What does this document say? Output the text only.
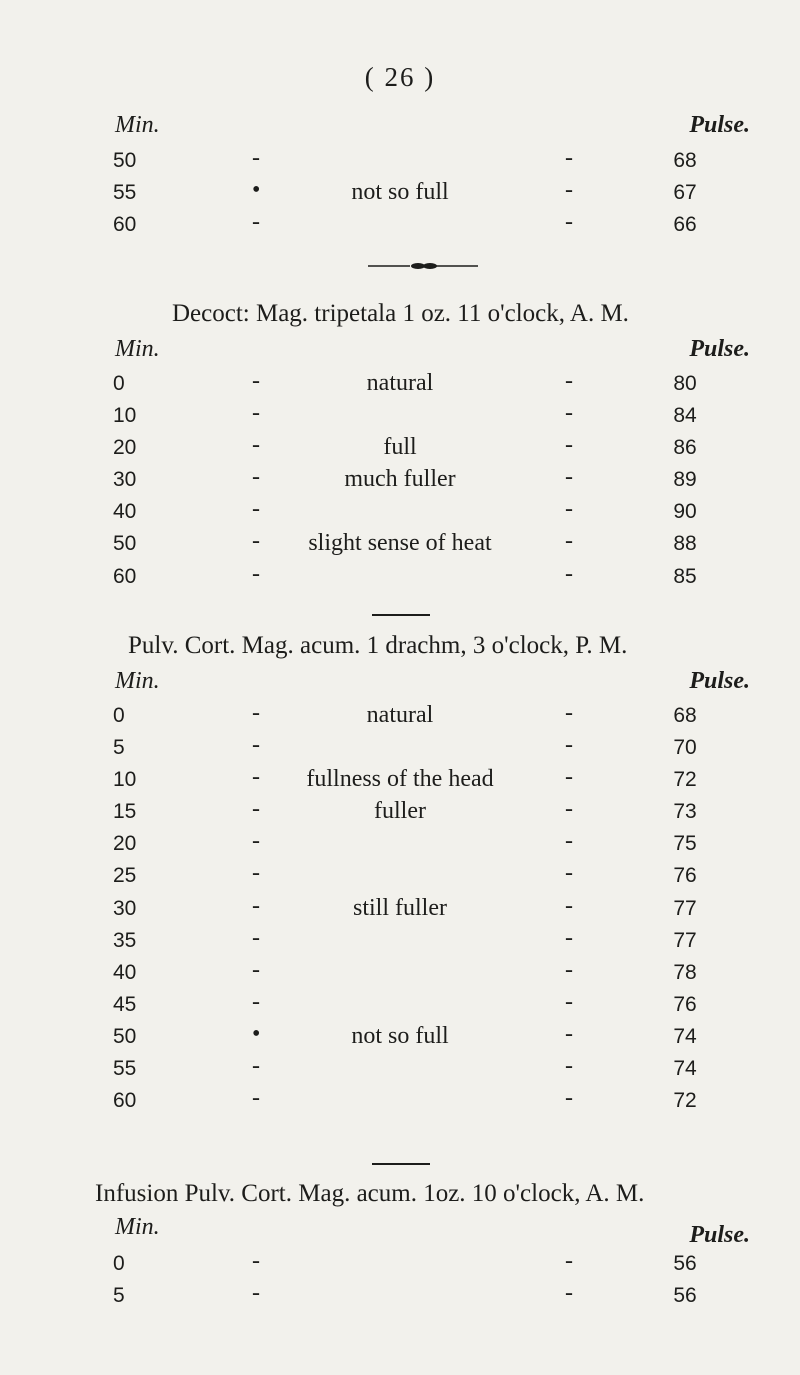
( 26 )
Min.	Pulse.
50	-	-	68
55	•	not so full	-	67
60	-	-	66
Decoct: Mag. tripetala 1 oz. 11 o'clock, A. M.
Min.	Pulse.
0	-	natural	-	80
10	-	-	84
20	-	full	-	86
30	-	much fuller	-	89
40	-	-	90
50	-	slight sense of heat	-	88
60	-	-	85
Pulv. Cort. Mag. acum. 1 drachm, 3 o'clock, P. M.
Min.	Pulse.
0	-	natural	-	68
5	-	-	70
10	-	fullness of the head	-	72
15	-	fuller	-	73
20	-	-	75
25	-	-	76
30	-	still fuller	-	77
35	-	-	77
40	-	-	78
45	-	-	76
50	•	not so full	-	74
55	-	-	74
60	-	-	72
Infusion Pulv. Cort. Mag. acum. 1oz. 10 o'clock, A. M.
Min.	Pulse.
0	-	-	56
5	-	-	56
